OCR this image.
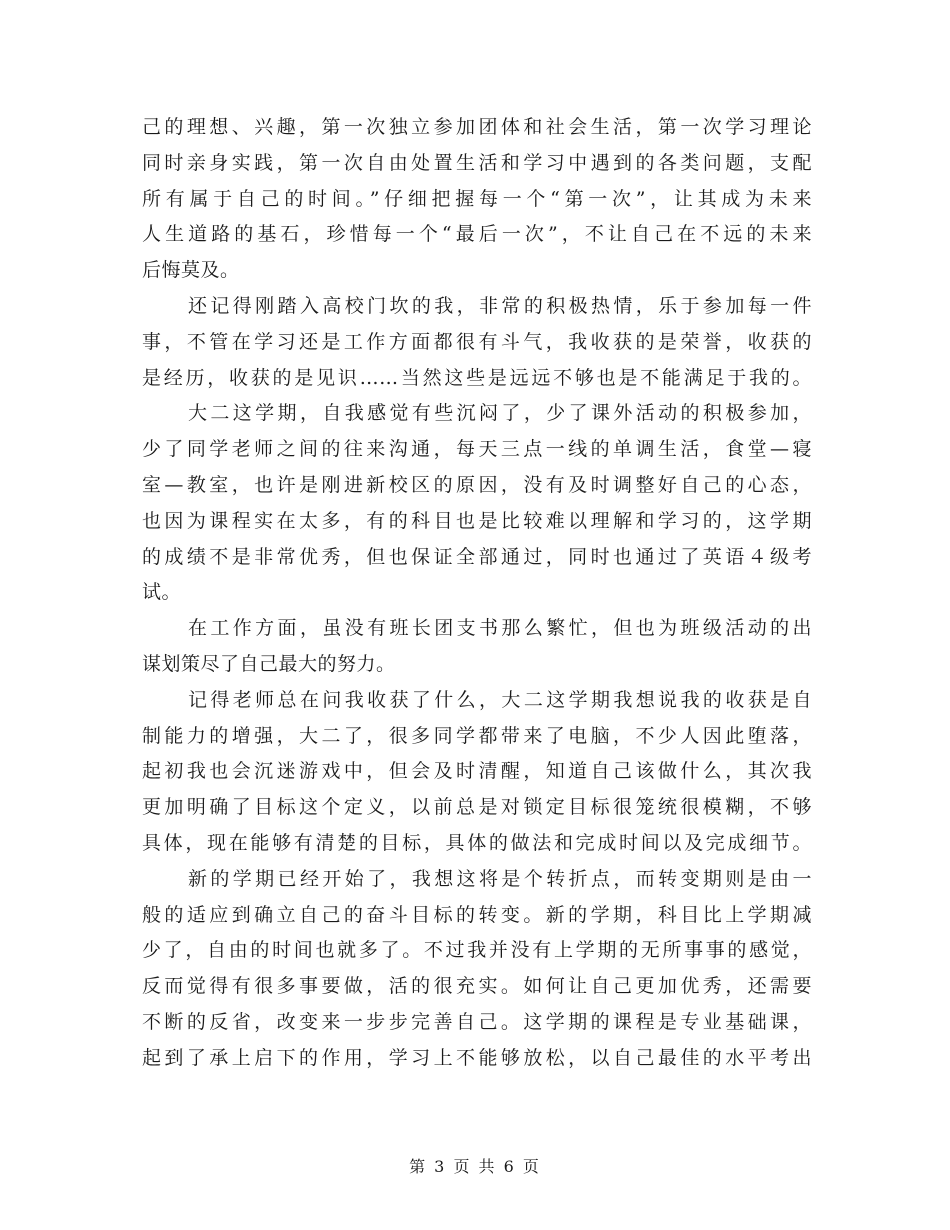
己的理想、兴趣，第一次独立参加团体和社会生活，第一次学习理论
同时亲身实践，第一次自由处置生活和学习中遇到的各类问题，支配
所有属于自己的时间。”仔细把握每一个“第一次”，让其成为未来
人生道路的基石，珍惜每一个“最后一次”，不让自己在不远的未来
后悔莫及。
还记得刚踏入高校门坎的我，非常的积极热情，乐于参加每一件
事，不管在学习还是工作方面都很有斗气，我收获的是荣誉，收获的
是经历，收获的是见识……当然这些是远远不够也是不能满足于我的。
大二这学期，自我感觉有些沉闷了，少了课外活动的积极参加，
少了同学老师之间的往来沟通，每天三点一线的单调生活，食堂—寝
室—教室，也许是刚进新校区的原因，没有及时调整好自己的心态，
也因为课程实在太多，有的科目也是比较难以理解和学习的，这学期
的成绩不是非常优秀，但也保证全部通过，同时也通过了英语４级考
试。
在工作方面，虽没有班长团支书那么繁忙，但也为班级活动的出
谋划策尽了自己最大的努力。
记得老师总在问我收获了什么，大二这学期我想说我的收获是自
制能力的增强，大二了，很多同学都带来了电脑，不少人因此堕落，
起初我也会沉迷游戏中，但会及时清醒，知道自己该做什么，其次我
更加明确了目标这个定义，以前总是对锁定目标很笼统很模糊，不够
具体，现在能够有清楚的目标，具体的做法和完成时间以及完成细节。
新的学期已经开始了，我想这将是个转折点，而转变期则是由一
般的适应到确立自己的奋斗目标的转变。新的学期，科目比上学期减
少了，自由的时间也就多了。不过我并没有上学期的无所事事的感觉，
反而觉得有很多事要做，活的很充实。如何让自己更加优秀，还需要
不断的反省，改变来一步步完善自己。这学期的课程是专业基础课，
起到了承上启下的作用，学习上不能够放松，以自己最佳的水平考出
第 3 页 共 6 页
